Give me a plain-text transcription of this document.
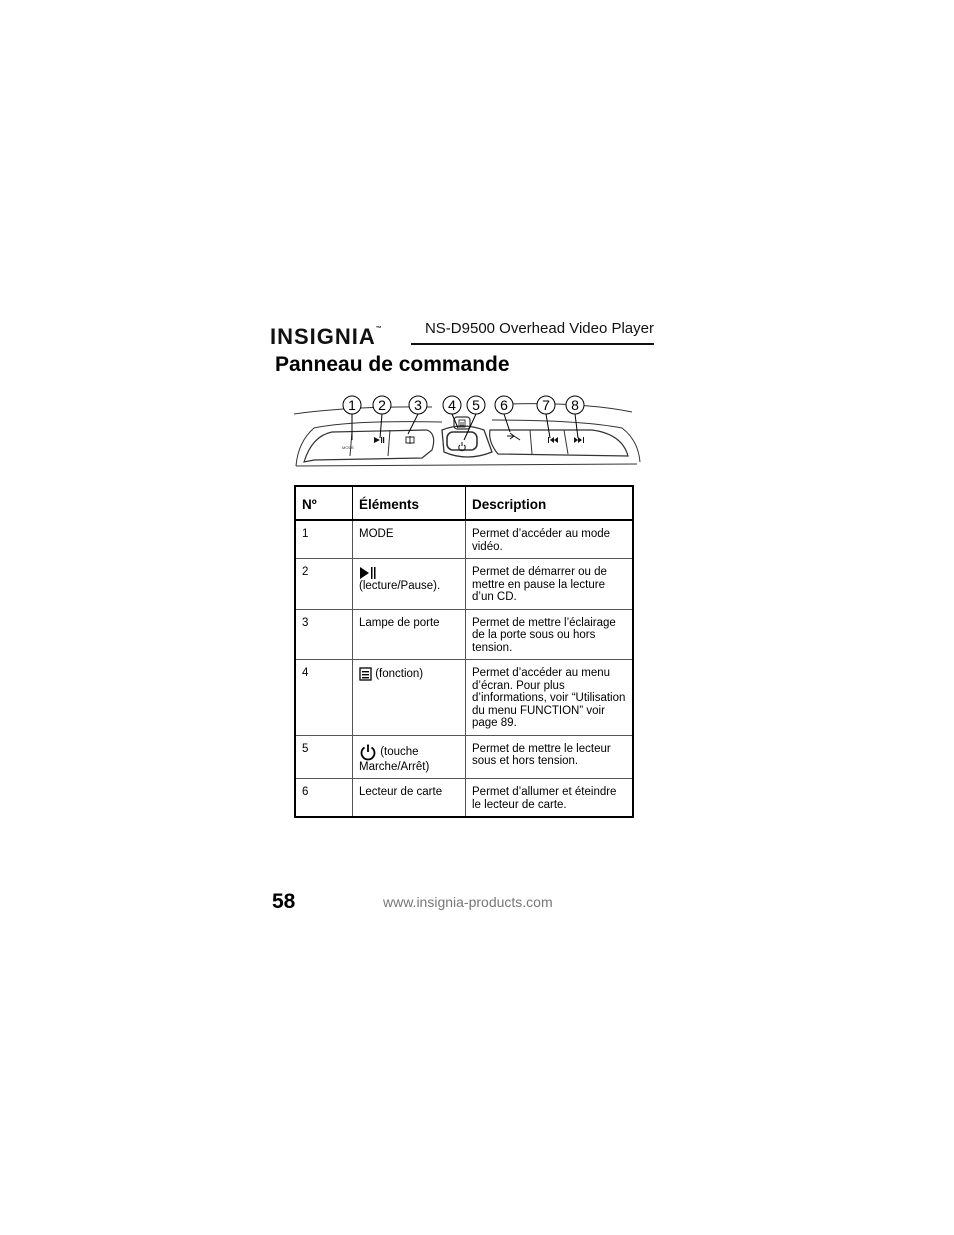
INSIGNIA™	NS-D9500 Overhead Video Player
Panneau de commande
1 2 3 4 5 6 7 8
MODE
Nº	Éléments	Description
1	MODE	Permet d’accéder au mode vidéo.
2	(lecture/Pause).	Permet de démarrer ou de mettre en pause la lecture d’un CD.
3	Lampe de porte	Permet de mettre l’éclairage de la porte sous ou hors tension.
4	(fonction)	Permet d’accéder au menu d’écran. Pour plus d’informations, voir “Utilisation du menu FUNCTION” voir page 89.
5	(touche Marche/Arrêt)	Permet de mettre le lecteur sous et hors tension.
6	Lecteur de carte	Permet d’allumer et éteindre le lecteur de carte.
58	www.insignia-products.com
